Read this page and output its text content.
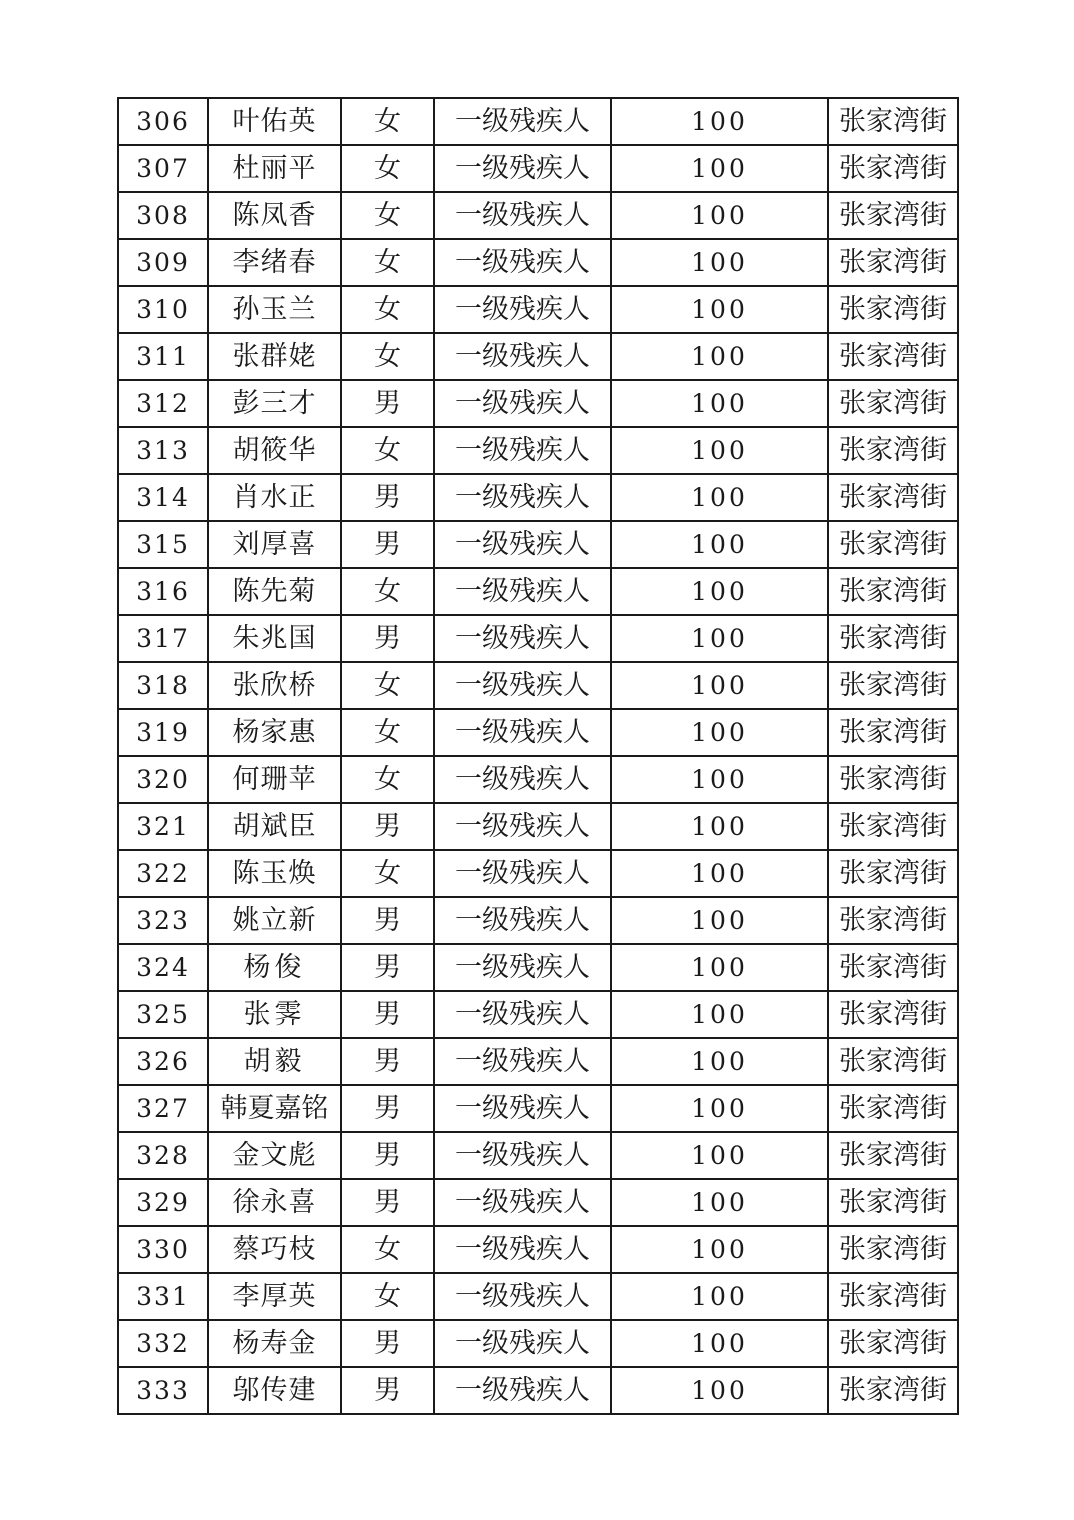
306	叶佑英	女	一级残疾人	100	张家湾街
307	杜丽平	女	一级残疾人	100	张家湾街
308	陈凤香	女	一级残疾人	100	张家湾街
309	李绪春	女	一级残疾人	100	张家湾街
310	孙玉兰	女	一级残疾人	100	张家湾街
311	张群姥	女	一级残疾人	100	张家湾街
312	彭三才	男	一级残疾人	100	张家湾街
313	胡筱华	女	一级残疾人	100	张家湾街
314	肖水正	男	一级残疾人	100	张家湾街
315	刘厚喜	男	一级残疾人	100	张家湾街
316	陈先菊	女	一级残疾人	100	张家湾街
317	朱兆国	男	一级残疾人	100	张家湾街
318	张欣桥	女	一级残疾人	100	张家湾街
319	杨家惠	女	一级残疾人	100	张家湾街
320	何珊苹	女	一级残疾人	100	张家湾街
321	胡斌臣	男	一级残疾人	100	张家湾街
322	陈玉焕	女	一级残疾人	100	张家湾街
323	姚立新	男	一级残疾人	100	张家湾街
324	杨俊	男	一级残疾人	100	张家湾街
325	张霁	男	一级残疾人	100	张家湾街
326	胡毅	男	一级残疾人	100	张家湾街
327	韩夏嘉铭	男	一级残疾人	100	张家湾街
328	金文彪	男	一级残疾人	100	张家湾街
329	徐永喜	男	一级残疾人	100	张家湾街
330	蔡巧枝	女	一级残疾人	100	张家湾街
331	李厚英	女	一级残疾人	100	张家湾街
332	杨寿金	男	一级残疾人	100	张家湾街
333	邬传建	男	一级残疾人	100	张家湾街
